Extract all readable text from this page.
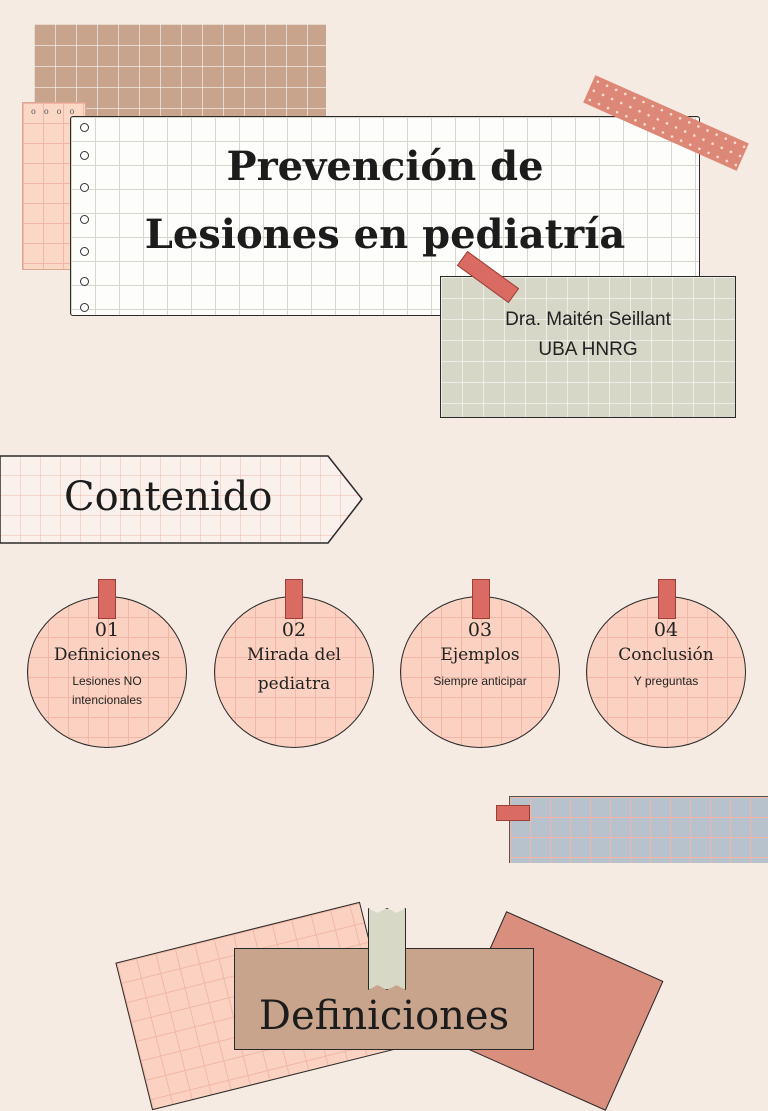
oooo
Prevención de
Lesiones en pediatría
Dra. Maitén Seillant
UBA HNRG
Contenido
01
Definiciones
Lesiones NO
intencionales
02
Mirada del
pediatra
03
Ejemplos
Siempre anticipar
04
Conclusión
Y preguntas
Definiciones
